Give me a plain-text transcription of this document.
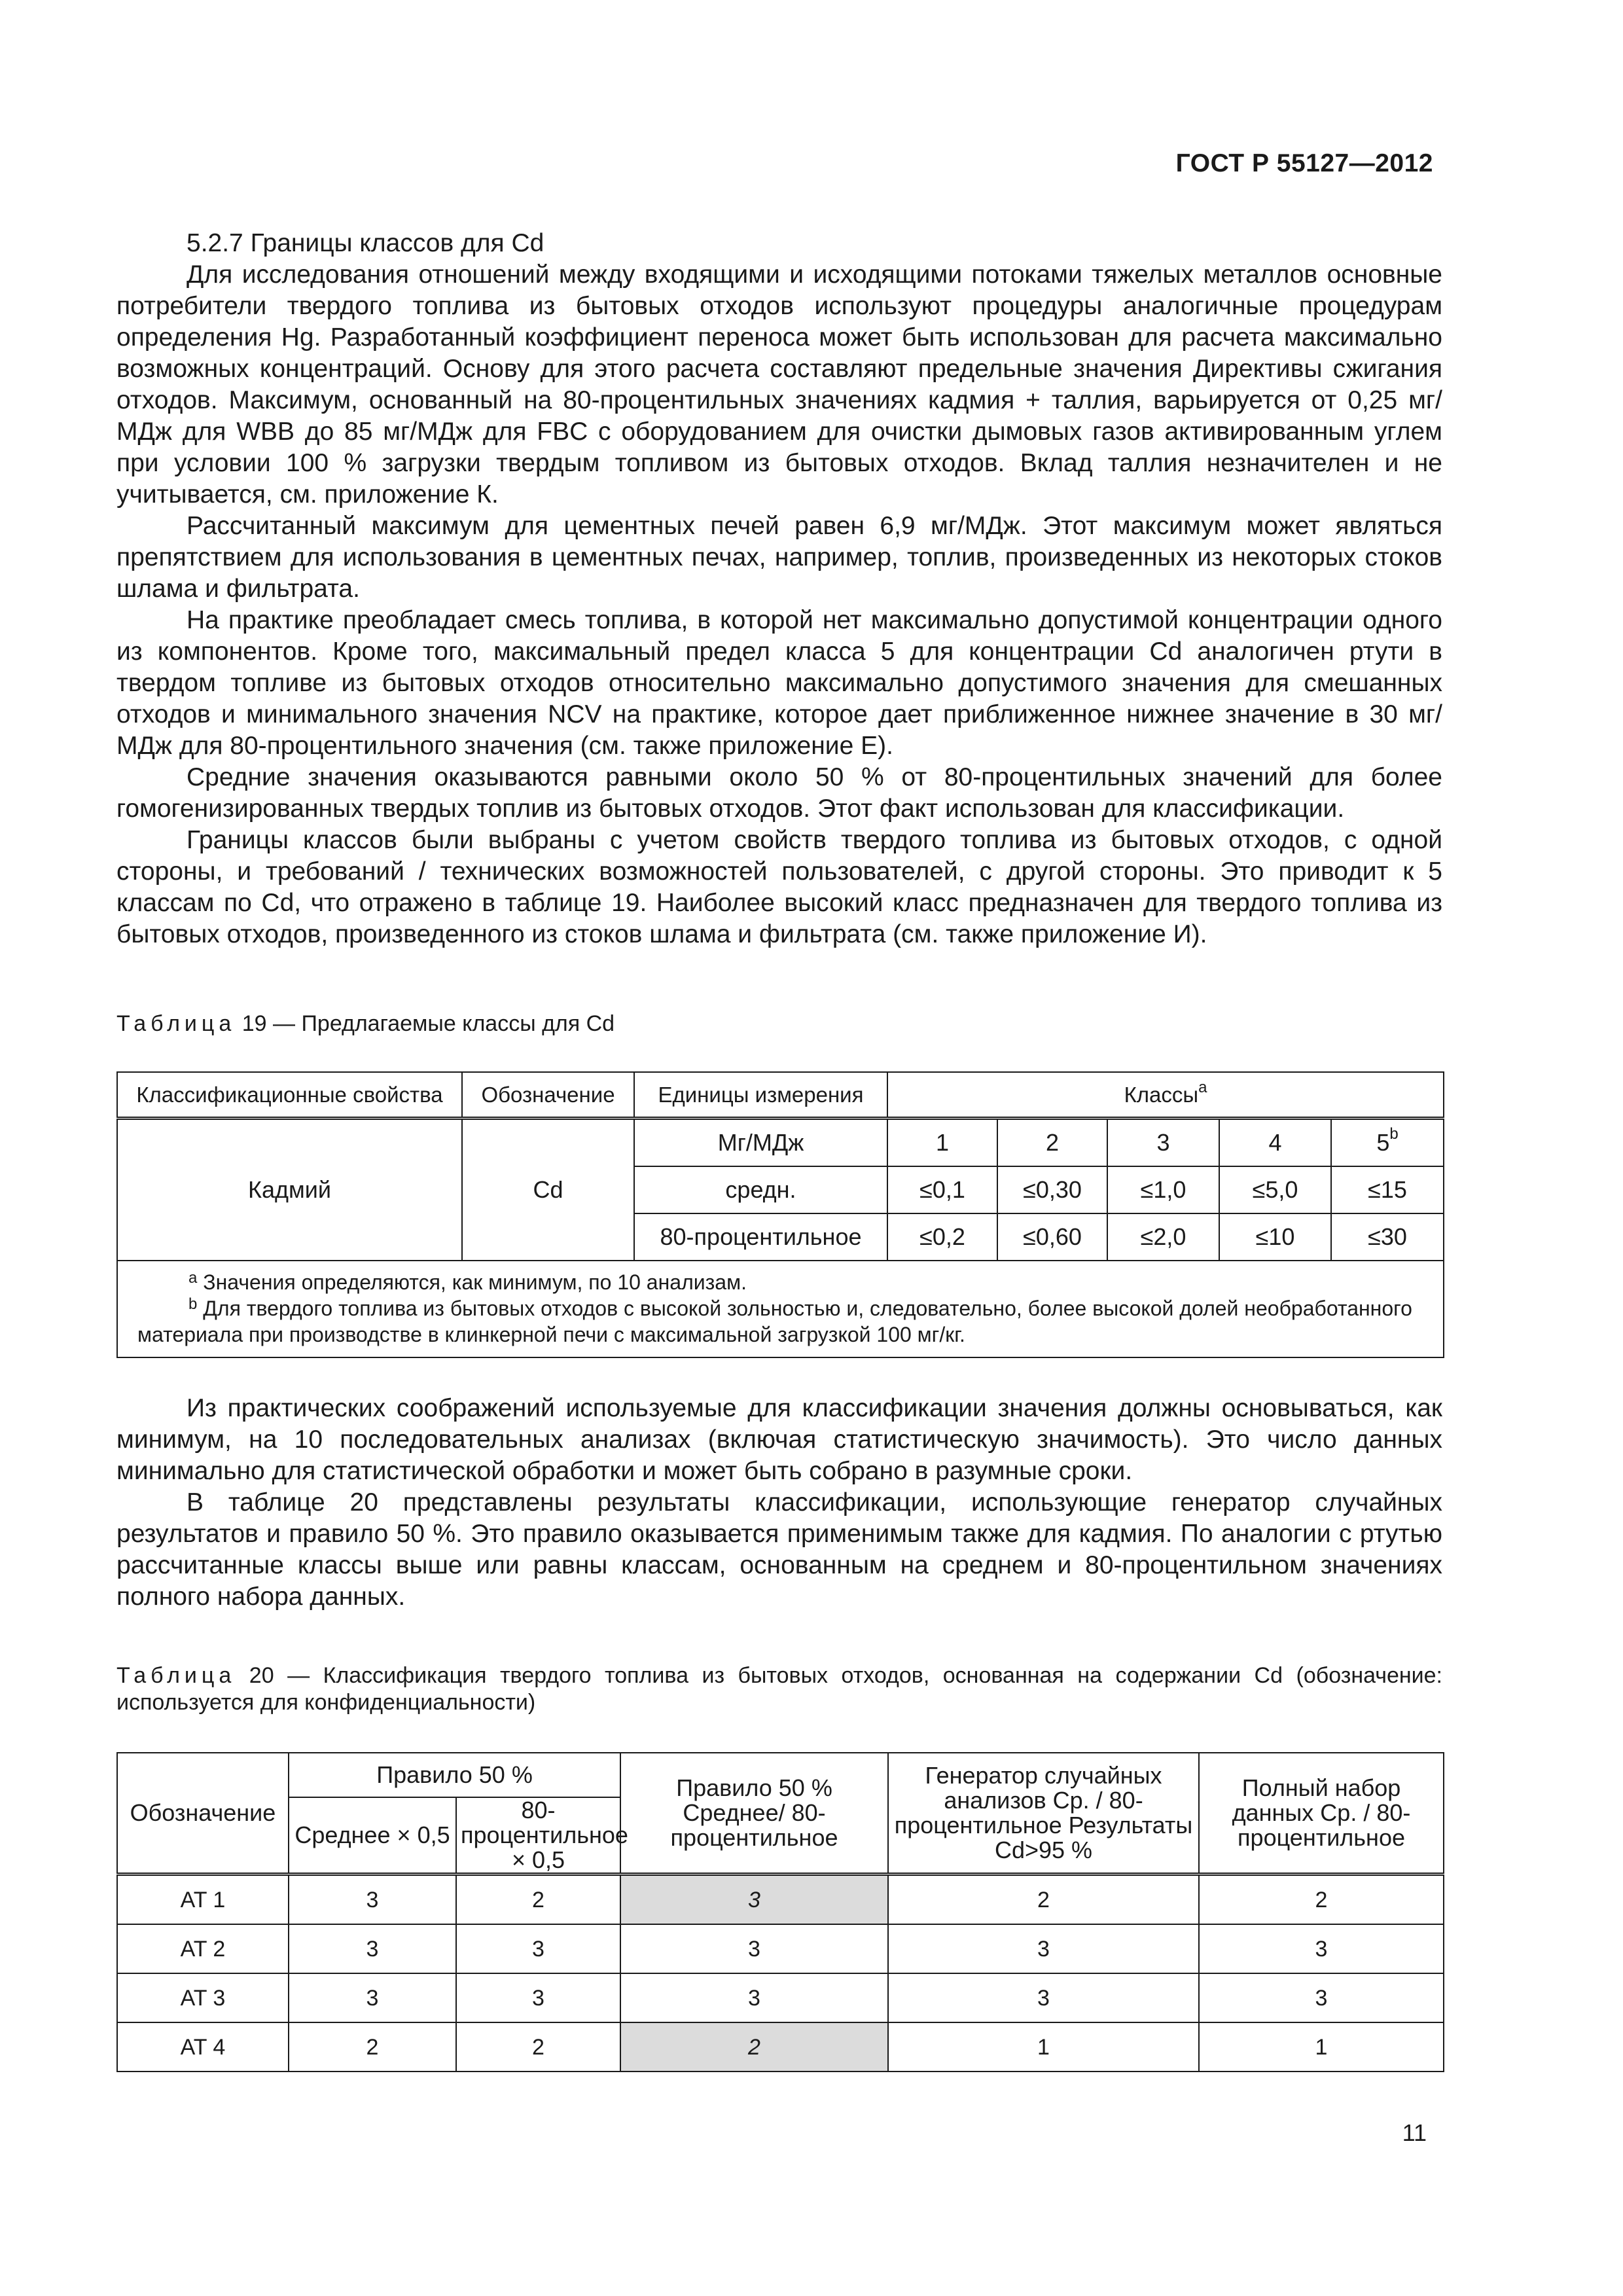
ГОСТ Р 55127—2012

5.2.7 Границы классов для Cd

Для исследования отношений между входящими и исходящими потоками тяжелых металлов основные потребители твердого топлива из бытовых отходов используют процедуры аналогичные процедурам определения Hg. Разработанный коэффициент переноса может быть использован для расчета максимально возможных концентраций. Основу для этого расчета составляют предельные значения Директивы сжигания отходов. Максимум, основанный на 80-процентильных значениях кадмия + таллия, варьируется от 0,25 мг/МДж для WBB до 85 мг/МДж для FBC с оборудованием для очистки дымовых газов активированным углем при условии 100 % загрузки твердым топливом из бытовых отходов. Вклад таллия незначителен и не учитывается, см. приложение К.

Рассчитанный максимум для цементных печей равен 6,9 мг/МДж. Этот максимум может являться препятствием для использования в цементных печах, например, топлив, произведенных из некоторых стоков шлама и фильтрата.

На практике преобладает смесь топлива, в которой нет максимально допустимой концентрации одного из компонентов. Кроме того, максимальный предел класса 5 для концентрации Cd аналогичен ртути в твердом топливе из бытовых отходов относительно максимально допустимого значения для смешанных отходов и минимального значения NCV на практике, которое дает приближенное нижнее значение в 30 мг/МДж для 80-процентильного значения (см. также приложение Е).

Средние значения оказываются равными около 50 % от 80-процентильных значений для более гомогенизированных твердых топлив из бытовых отходов. Этот факт использован для классификации.

Границы классов были выбраны с учетом свойств твердого топлива из бытовых отходов, с одной стороны, и требований / технических возможностей пользователей, с другой стороны. Это приводит к 5 классам по Cd, что отражено в таблице 19. Наиболее высокий класс предназначен для твердого топлива из бытовых отходов, произведенного из стоков шлама и фильтрата (см. также приложение И).

Таблица 19 — Предлагаемые классы для Cd
Классификационные свойства	Обозначение	Единицы измерения	Классы$^a$
Кадмий	Cd	Мг/МДж	1	2	3	4	5$^b$
		средн.	≤0,1	≤0,30	≤1,0	≤5,0	≤15
		80-процентильное	≤0,2	≤0,60	≤2,0	≤10	≤30

$^a$ Значения определяются, как минимум, по 10 анализам.
$^b$ Для твердого топлива из бытовых отходов с высокой зольностью и, следовательно, более высокой долей необработанного материала при производстве в клинкерной печи с максимальной загрузкой 100 мг/кг.							

Из практических соображений используемые для классификации значения должны основываться, как минимум, на 10 последовательных анализах (включая статистическую значимость). Это число данных минимально для статистической обработки и может быть собрано в разумные сроки.

В таблице 20 представлены результаты классификации, использующие генератор случайных результатов и правило 50 %. Это правило оказывается применимым также для кадмия. По аналогии с ртутью рассчитанные классы выше или равны классам, основанным на среднем и 80-процентильном значениях полного набора данных.

Таблица 20 — Классификация твердого топлива из бытовых отходов, основанная на содержании Cd (обозначение: используется для конфиденциальности)
Обозначение	Правило 50 %		Правило 50 % Среднее/ 80-процентильное	Генератор случайных анализов Ср. / 80-процентильное Результаты Cd>95 %	Полный набор данных Ср. / 80-процентильное
	Среднее × 0,5	80-процентильное × 0,5			
AT 1	3	2	3	2	2
AT 2	3	3	3	3	3
AT 3	3	3	3	3	3
AT 4	2	2	2	1	1
11
